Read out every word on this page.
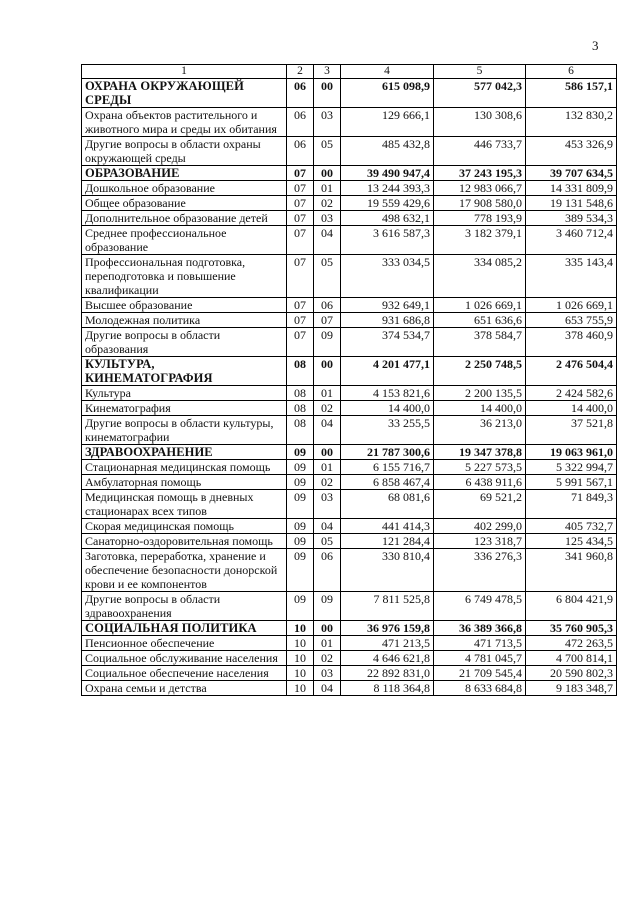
3
1	2	3	4	5	6
ОХРАНА ОКРУЖАЮЩЕЙ СРЕДЫ	06	00	615 098,9	577 042,3	586 157,1
Охрана объектов растительного и животного мира и среды их обитания	06	03	129 666,1	130 308,6	132 830,2
Другие вопросы в области охраны окружающей среды	06	05	485 432,8	446 733,7	453 326,9
ОБРАЗОВАНИЕ	07	00	39 490 947,4	37 243 195,3	39 707 634,5
Дошкольное образование	07	01	13 244 393,3	12 983 066,7	14 331 809,9
Общее образование	07	02	19 559 429,6	17 908 580,0	19 131 548,6
Дополнительное образование детей	07	03	498 632,1	778 193,9	389 534,3
Среднее профессиональное образование	07	04	3 616 587,3	3 182 379,1	3 460 712,4
Профессиональная подготовка, переподготовка и повышение квалификации	07	05	333 034,5	334 085,2	335 143,4
Высшее образование	07	06	932 649,1	1 026 669,1	1 026 669,1
Молодежная политика	07	07	931 686,8	651 636,6	653 755,9
Другие вопросы в области образования	07	09	374 534,7	378 584,7	378 460,9
КУЛЬТУРА, КИНЕМАТОГРАФИЯ	08	00	4 201 477,1	2 250 748,5	2 476 504,4
Культура	08	01	4 153 821,6	2 200 135,5	2 424 582,6
Кинематография	08	02	14 400,0	14 400,0	14 400,0
Другие вопросы в области культуры, кинематографии	08	04	33 255,5	36 213,0	37 521,8
ЗДРАВООХРАНЕНИЕ	09	00	21 787 300,6	19 347 378,8	19 063 961,0
Стационарная медицинская помощь	09	01	6 155 716,7	5 227 573,5	5 322 994,7
Амбулаторная помощь	09	02	6 858 467,4	6 438 911,6	5 991 567,1
Медицинская помощь в дневных стационарах всех типов	09	03	68 081,6	69 521,2	71 849,3
Скорая медицинская помощь	09	04	441 414,3	402 299,0	405 732,7
Санаторно-оздоровительная помощь	09	05	121 284,4	123 318,7	125 434,5
Заготовка, переработка, хранение и обеспечение безопасности донорской крови и ее компонентов	09	06	330 810,4	336 276,3	341 960,8
Другие вопросы в области здравоохранения	09	09	7 811 525,8	6 749 478,5	6 804 421,9
СОЦИАЛЬНАЯ ПОЛИТИКА	10	00	36 976 159,8	36 389 366,8	35 760 905,3
Пенсионное обеспечение	10	01	471 213,5	471 713,5	472 263,5
Социальное обслуживание населения	10	02	4 646 621,8	4 781 045,7	4 700 814,1
Социальное обеспечение населения	10	03	22 892 831,0	21 709 545,4	20 590 802,3
Охрана семьи и детства	10	04	8 118 364,8	8 633 684,8	9 183 348,7
